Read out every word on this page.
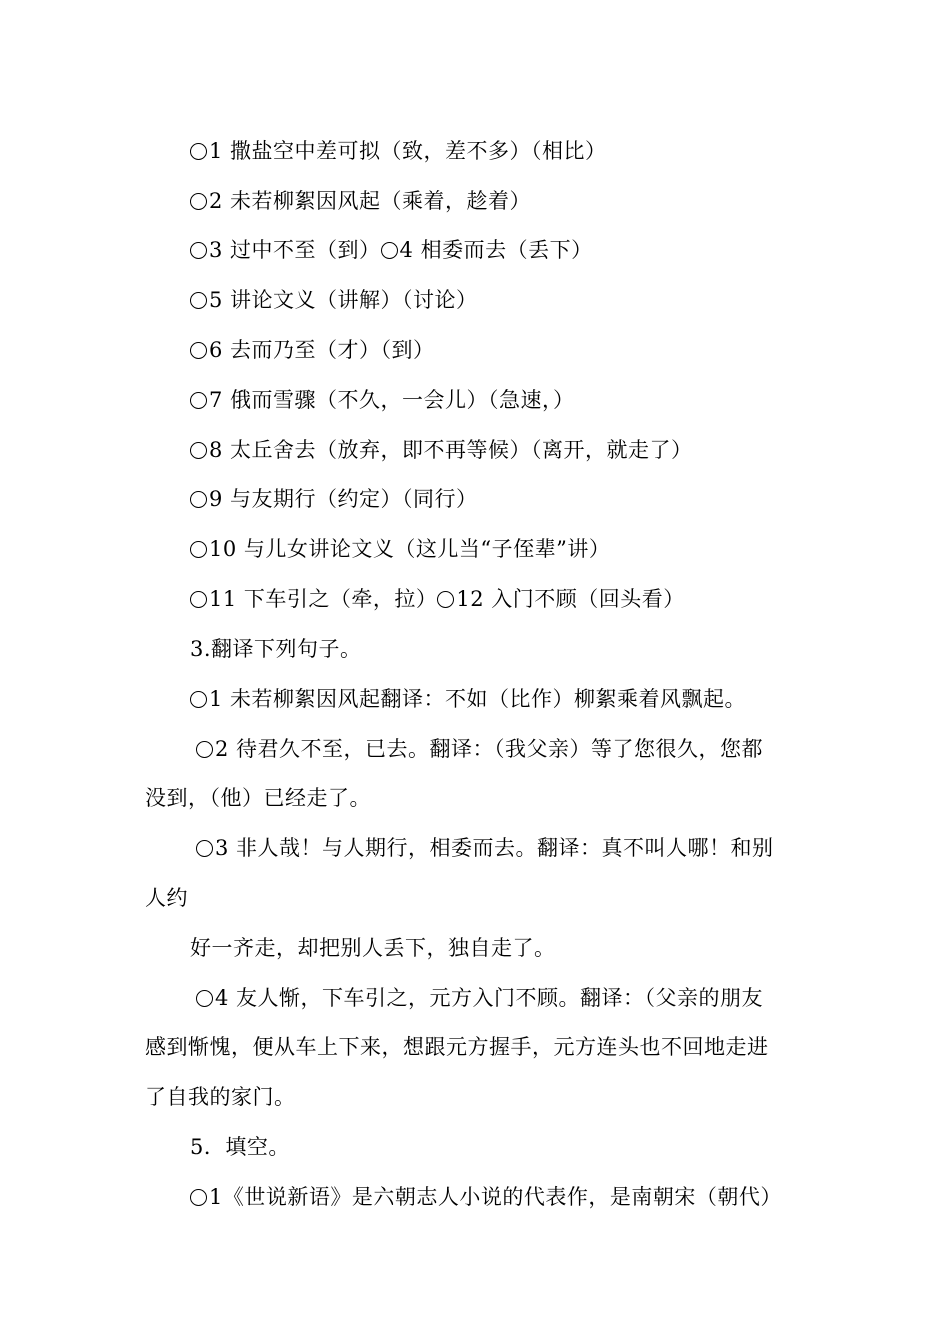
1 撒盐空中差可拟（致，差不多）（相比）
2 未若柳絮因风起（乘着，趁着）
3 过中不至（到） 4 相委而去（丢下）
5 讲论文义（讲解）（讨论）
6 去而乃至（才）（到）
7 俄而雪骤（不久，一会儿）（急速，）
8 太丘舍去（放弃，即不再等候）（离开，就走了）
9 与友期行（约定）（同行）
10 与儿女讲论文义（这儿当“子侄辈”讲）
11 下车引之（牵，拉） 12 入门不顾（回头看）
3.翻译下列句子。
1 未若柳絮因风起翻译：不如（比作）柳絮乘着风飘起。
2 待君久不至，已去。翻译：（我父亲）等了您很久，您都
没到，（他）已经走了。
3 非人哉！与人期行，相委而去。翻译：真不叫人哪！和别
人约
好一齐走，却把别人丢下，独自走了。
4 友人惭，下车引之，元方入门不顾。翻译：（父亲的朋友
感到惭愧，便从车上下来，想跟元方握手，元方连头也不回地走进
了自我的家门。
5．填空。
1《世说新语》是六朝志人小说的代表作，是南朝宋（朝代）
